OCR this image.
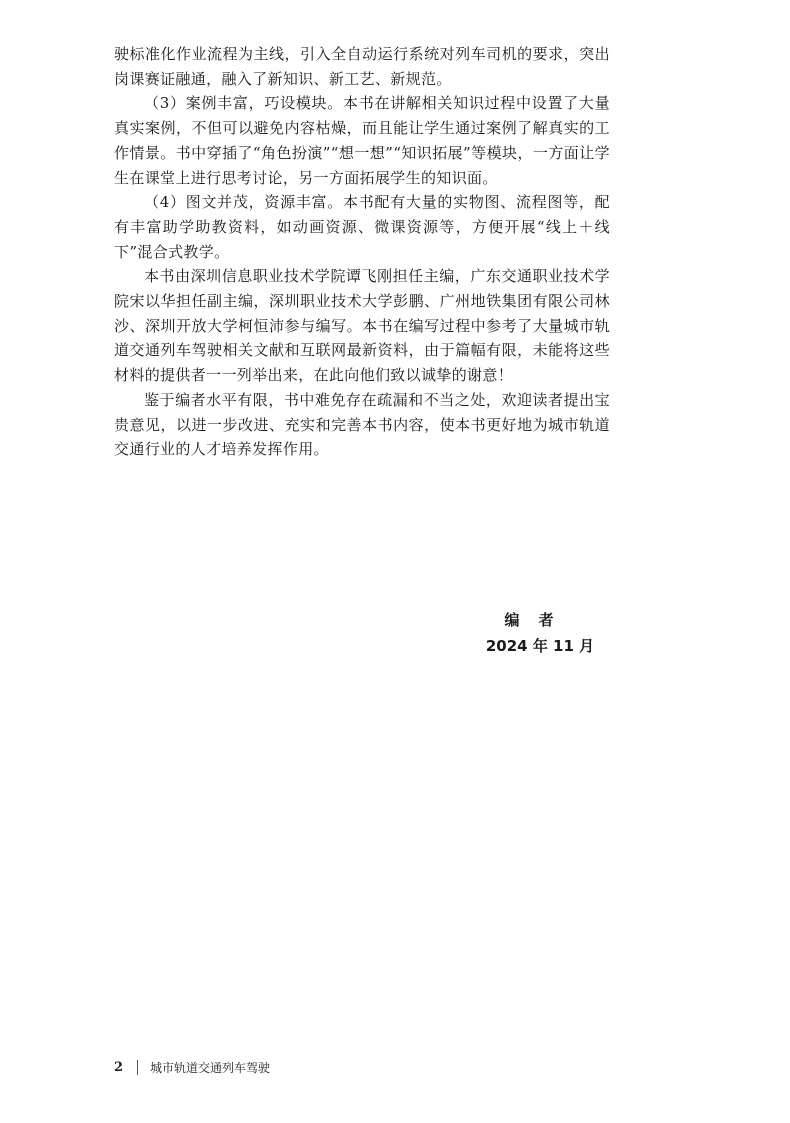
驶标准化作业流程为主线，引入全自动运行系统对列车司机的要求，突出岗课赛证融通，融入了新知识、新工艺、新规范。

（3）案例丰富，巧设模块。本书在讲解相关知识过程中设置了大量真实案例，不但可以避免内容枯燥，而且能让学生通过案例了解真实的工作情景。书中穿插了“角色扮演”“想一想”“知识拓展”等模块，一方面让学生在课堂上进行思考讨论，另一方面拓展学生的知识面。

（4）图文并茂，资源丰富。本书配有大量的实物图、流程图等，配有丰富助学助教资料，如动画资源、微课资源等，方便开展“线上＋线下”混合式教学。

本书由深圳信息职业技术学院谭飞刚担任主编，广东交通职业技术学院宋以华担任副主编，深圳职业技术大学彭鹏、广州地铁集团有限公司林沙、深圳开放大学柯恒沛参与编写。本书在编写过程中参考了大量城市轨道交通列车驾驶相关文献和互联网最新资料，由于篇幅有限，未能将这些材料的提供者一一列举出来，在此向他们致以诚挚的谢意！

鉴于编者水平有限，书中难免存在疏漏和不当之处，欢迎读者提出宝贵意见，以进一步改进、充实和完善本书内容，使本书更好地为城市轨道交通行业的人才培养发挥作用。

编　者
2024 年 11 月
2 城市轨道交通列车驾驶
